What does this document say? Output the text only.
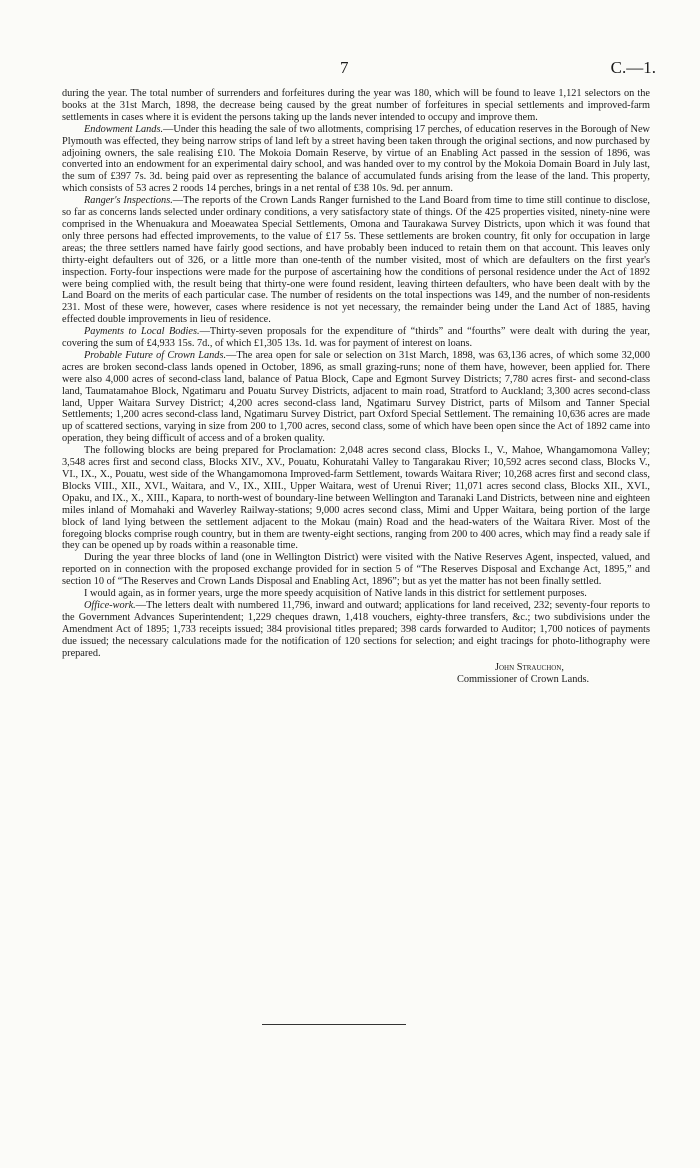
7	C.—1.

during the year. The total number of surrenders and forfeitures during the year was 180, which will be found to leave 1,121 selectors on the books at the 31st March, 1898, the decrease being caused by the great number of forfeitures in special settlements and improved-farm settlements in cases where it is evident the persons taking up the lands never intended to occupy and improve them.

Endowment Lands.—Under this heading the sale of two allotments, comprising 17 perches, of education reserves in the Borough of New Plymouth was effected, they being narrow strips of land left by a street having been taken through the original sections, and now purchased by adjoining owners, the sale realising £10. The Mokoia Domain Reserve, by virtue of an Enabling Act passed in the session of 1896, was converted into an endowment for an experimental dairy school, and was handed over to my control by the Mokoia Domain Board in July last, the sum of £397 7s. 3d. being paid over as representing the balance of accumulated funds arising from the lease of the land. This property, which consists of 53 acres 2 roods 14 perches, brings in a net rental of £38 10s. 9d. per annum.

Ranger's Inspections.—The reports of the Crown Lands Ranger furnished to the Land Board from time to time still continue to disclose, so far as concerns lands selected under ordinary conditions, a very satisfactory state of things. Of the 425 properties visited, ninety-nine were comprised in the Whenuakura and Moeawatea Special Settlements, Omona and Taurakawa Survey Districts, upon which it was found that only three persons had effected improvements, to the value of £17 5s. These settlements are broken country, fit only for occupation in large areas; the three settlers named have fairly good sections, and have probably been induced to retain them on that account. This leaves only thirty-eight defaulters out of 326, or a little more than one-tenth of the number visited, most of which are defaulters on the first year's inspection. Forty-four inspections were made for the purpose of ascertaining how the conditions of personal residence under the Act of 1892 were being complied with, the result being that thirty-one were found resident, leaving thirteen defaulters, who have been dealt with by the Land Board on the merits of each particular case. The number of residents on the total inspections was 149, and the number of non-residents 231. Most of these were, however, cases where residence is not yet necessary, the remainder being under the Land Act of 1885, having effected double improvements in lieu of residence.

Payments to Local Bodies.—Thirty-seven proposals for the expenditure of “thirds” and “fourths” were dealt with during the year, covering the sum of £4,933 15s. 7d., of which £1,305 13s. 1d. was for payment of interest on loans.

Probable Future of Crown Lands.—The area open for sale or selection on 31st March, 1898, was 63,136 acres, of which some 32,000 acres are broken second-class lands opened in October, 1896, as small grazing-runs; none of them have, however, been applied for. There were also 4,000 acres of second-class land, balance of Patua Block, Cape and Egmont Survey Districts; 7,780 acres first- and second-class land, Taumatamahoe Block, Ngatimaru and Pouatu Survey Districts, adjacent to main road, Stratford to Auckland; 3,300 acres second-class land, Upper Waitara Survey District; 4,200 acres second-class land, Ngatimaru Survey District, parts of Milsom and Tanner Special Settlements; 1,200 acres second-class land, Ngatimaru Survey District, part Oxford Special Settlement. The remaining 10,636 acres are made up of scattered sections, varying in size from 200 to 1,700 acres, second class, some of which have been open since the Act of 1892 came into operation, they being difficult of access and of a broken quality.

The following blocks are being prepared for Proclamation: 2,048 acres second class, Blocks I., V., Mahoe, Whangamomona Valley; 3,548 acres first and second class, Blocks XIV., XV., Pouatu, Kohuratahi Valley to Tangarakau River; 10,592 acres second class, Blocks V., VI., IX., X., Pouatu, west side of the Whangamomona Improved-farm Settlement, towards Waitara River; 10,268 acres first and second class, Blocks VIII., XII., XVI., Waitara, and V., IX., XIII., Upper Waitara, west of Urenui River; 11,071 acres second class, Blocks XII., XVI., Opaku, and IX., X., XIII., Kapara, to north-west of boundary-line between Wellington and Taranaki Land Districts, between nine and eighteen miles inland of Momahaki and Waverley Railway-stations; 9,000 acres second class, Mimi and Upper Waitara, being portion of the large block of land lying between the settlement adjacent to the Mokau (main) Road and the head-waters of the Waitara River. Most of the foregoing blocks comprise rough country, but in them are twenty-eight sections, ranging from 200 to 400 acres, which may find a ready sale if they can be opened up by roads within a reasonable time.

During the year three blocks of land (one in Wellington District) were visited with the Native Reserves Agent, inspected, valued, and reported on in connection with the proposed exchange provided for in section 5 of “The Reserves Disposal and Exchange Act, 1895,” and section 10 of “The Reserves and Crown Lands Disposal and Enabling Act, 1896”; but as yet the matter has not been finally settled.

I would again, as in former years, urge the more speedy acquisition of Native lands in this district for settlement purposes.

Office-work.—The letters dealt with numbered 11,796, inward and outward; applications for land received, 232; seventy-four reports to the Government Advances Superintendent; 1,229 cheques drawn, 1,418 vouchers, eighty-three transfers, &c.; two subdivisions under the Amendment Act of 1895; 1,733 receipts issued; 384 provisional titles prepared; 398 cards forwarded to Auditor; 1,700 notices of payments due issued; the necessary calculations made for the notification of 120 sections for selection; and eight tracings for photo-lithography were prepared.

John Strauchon,
Commissioner of Crown Lands.
